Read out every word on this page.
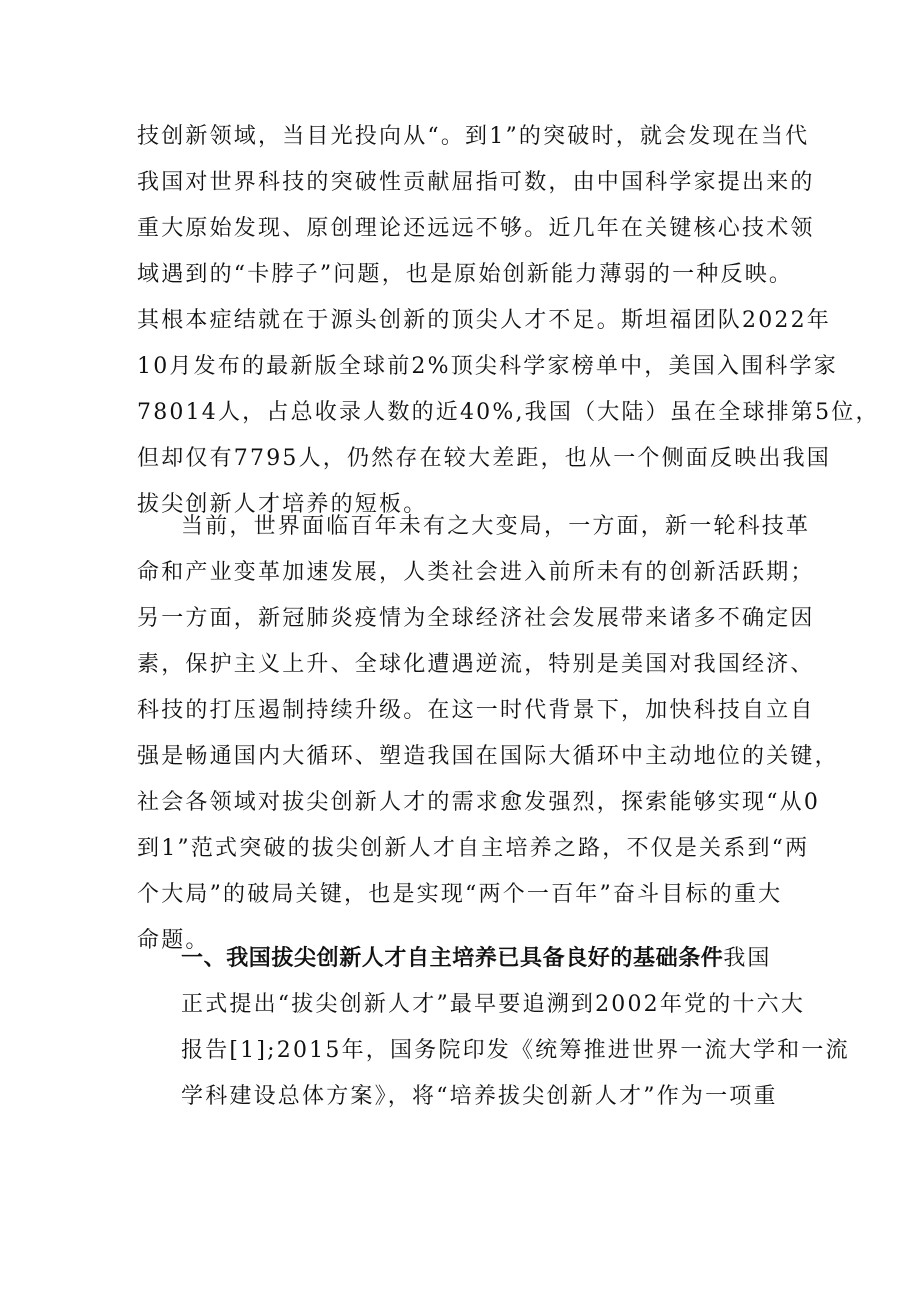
技创新领域，当目光投向从“。到1”的突破时，就会发现在当代
我国对世界科技的突破性贡献屈指可数，由中国科学家提出来的
重大原始发现、原创理论还远远不够。近几年在关键核心技术领
域遇到的“卡脖子”问题，也是原始创新能力薄弱的一种反映。
其根本症结就在于源头创新的顶尖人才不足。斯坦福团队2022年
10月发布的最新版全球前2%顶尖科学家榜单中，美国入围科学家
78014人，占总收录人数的近40%,我国（大陆）虽在全球排第5位，
但却仅有7795人，仍然存在较大差距，也从一个侧面反映出我国
拔尖创新人才培养的短板。
当前，世界面临百年未有之大变局，一方面，新一轮科技革
命和产业变革加速发展，人类社会进入前所未有的创新活跃期；
另一方面，新冠肺炎疫情为全球经济社会发展带来诸多不确定因
素，保护主义上升、全球化遭遇逆流，特别是美国对我国经济、
科技的打压遏制持续升级。在这一时代背景下，加快科技自立自
强是畅通国内大循环、塑造我国在国际大循环中主动地位的关键，
社会各领域对拔尖创新人才的需求愈发强烈，探索能够实现“从0
到1”范式突破的拔尖创新人才自主培养之路，不仅是关系到“两
个大局”的破局关键，也是实现“两个一百年”奋斗目标的重大
命题。
一、我国拔尖创新人才自主培养已具备良好的基础条件我国
正式提出“拔尖创新人才”最早要追溯到2002年党的十六大
报告[1];2015年，国务院印发《统筹推进世界一流大学和一流
学科建设总体方案》，将“培养拔尖创新人才”作为一项重
